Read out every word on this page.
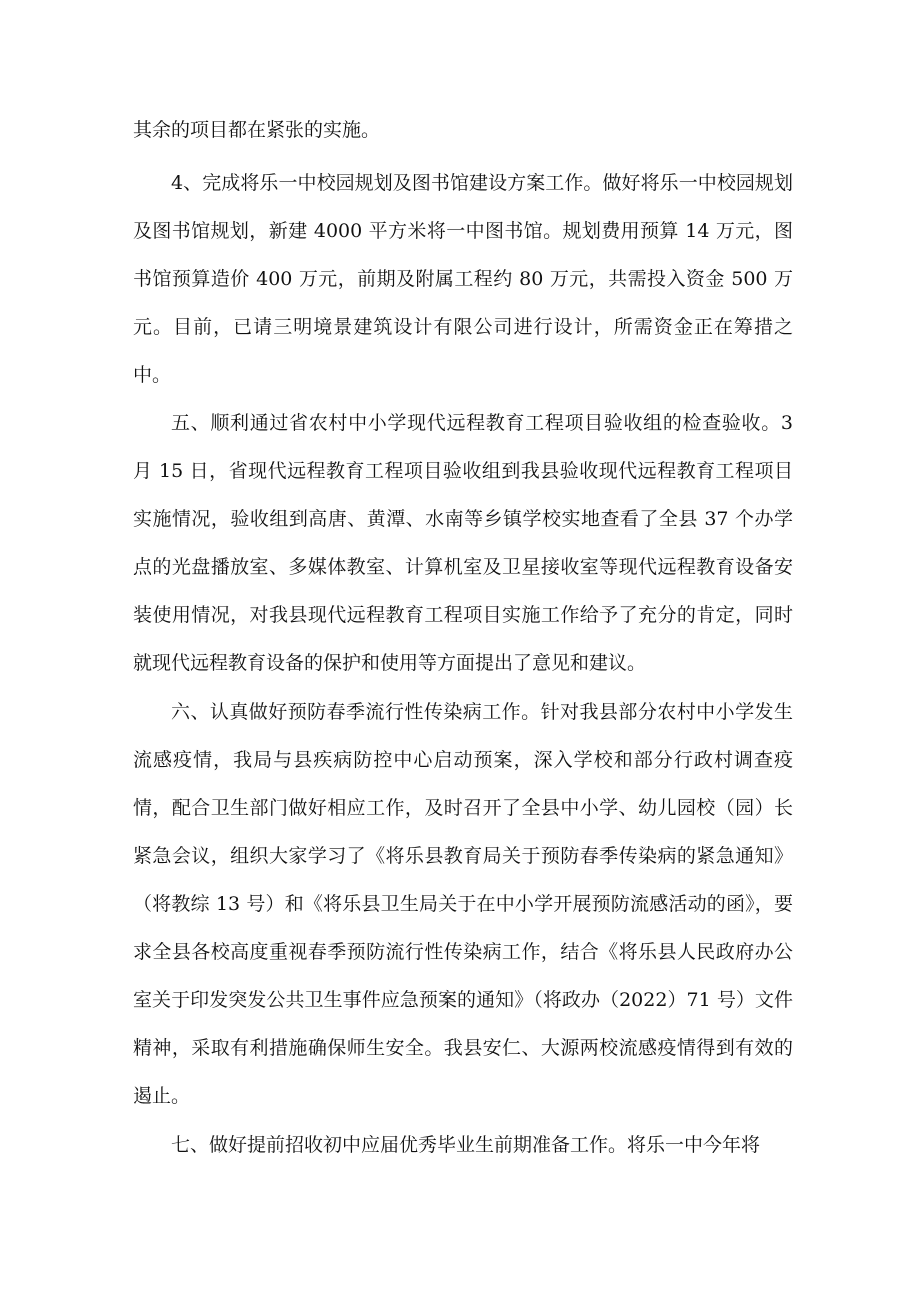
其余的项目都在紧张的实施。

4、完成将乐一中校园规划及图书馆建设方案工作。做好将乐一中校园规划及图书馆规划，新建 4000 平方米将一中图书馆。规划费用预算 14 万元，图书馆预算造价 400 万元，前期及附属工程约 80 万元，共需投入资金 500 万元。目前，已请三明境景建筑设计有限公司进行设计，所需资金正在筹措之中。

五、顺利通过省农村中小学现代远程教育工程项目验收组的检查验收。3 月 15 日，省现代远程教育工程项目验收组到我县验收现代远程教育工程项目实施情况，验收组到高唐、黄潭、水南等乡镇学校实地查看了全县 37 个办学点的光盘播放室、多媒体教室、计算机室及卫星接收室等现代远程教育设备安装使用情况，对我县现代远程教育工程项目实施工作给予了充分的肯定，同时就现代远程教育设备的保护和使用等方面提出了意见和建议。

六、认真做好预防春季流行性传染病工作。针对我县部分农村中小学发生流感疫情，我局与县疾病防控中心启动预案，深入学校和部分行政村调查疫情，配合卫生部门做好相应工作，及时召开了全县中小学、幼儿园校（园）长紧急会议，组织大家学习了《将乐县教育局关于预防春季传染病的紧急通知》（将教综 13 号）和《将乐县卫生局关于在中小学开展预防流感活动的函》，要求全县各校高度重视春季预防流行性传染病工作，结合《将乐县人民政府办公室关于印发突发公共卫生事件应急预案的通知》（将政办（2022）71 号）文件精神，采取有利措施确保师生安全。我县安仁、大源两校流感疫情得到有效的遏止。

七、做好提前招收初中应届优秀毕业生前期准备工作。将乐一中今年将
